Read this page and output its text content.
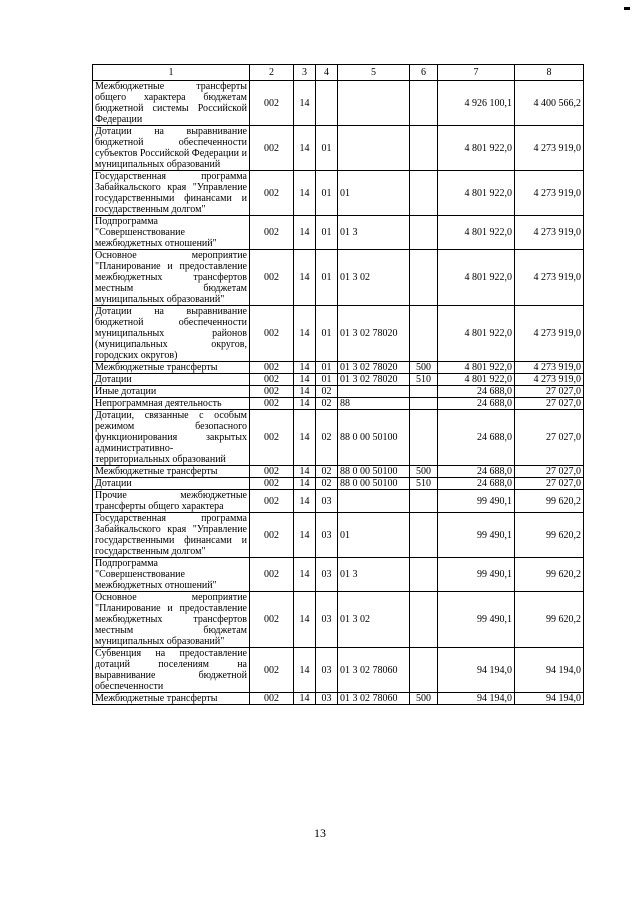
1	2	3	4	5	6	7	8
Межбюджетные трансферты общего характера бюджетам бюджетной системы Российской Федерации	002	14				4 926 100,1	4 400 566,2
Дотации на выравнивание бюджетной обеспеченности субъектов Российской Федерации и муниципальных образований	002	14	01			4 801 922,0	4 273 919,0
Государственная программа Забайкальского края "Управление государственными финансами и государственным долгом"	002	14	01	01		4 801 922,0	4 273 919,0
Подпрограмма "Совершенствование межбюджетных отношений"	002	14	01	01 3		4 801 922,0	4 273 919,0
Основное мероприятие "Планирование и предоставление межбюджетных трансфертов местным бюджетам муниципальных образований"	002	14	01	01 3 02		4 801 922,0	4 273 919,0
Дотации на выравнивание бюджетной обеспеченности муниципальных районов (муниципальных округов, городских округов)	002	14	01	01 3 02 78020		4 801 922,0	4 273 919,0
Межбюджетные трансферты	002	14	01	01 3 02 78020	500	4 801 922,0	4 273 919,0
Дотации	002	14	01	01 3 02 78020	510	4 801 922,0	4 273 919,0
Иные дотации	002	14	02			24 688,0	27 027,0
Непрограммная деятельность	002	14	02	88		24 688,0	27 027,0
Дотации, связанные с особым режимом безопасного функционирования закрытых административно-территориальных образований	002	14	02	88 0 00 50100		24 688,0	27 027,0
Межбюджетные трансферты	002	14	02	88 0 00 50100	500	24 688,0	27 027,0
Дотации	002	14	02	88 0 00 50100	510	24 688,0	27 027,0
Прочие межбюджетные трансферты общего характера	002	14	03			99 490,1	99 620,2
Государственная программа Забайкальского края "Управление государственными финансами и государственным долгом"	002	14	03	01		99 490,1	99 620,2
Подпрограмма "Совершенствование межбюджетных отношений"	002	14	03	01 3		99 490,1	99 620,2
Основное мероприятие "Планирование и предоставление межбюджетных трансфертов местным бюджетам муниципальных образований"	002	14	03	01 3 02		99 490,1	99 620,2
Субвенция на предоставление дотаций поселениям на выравнивание бюджетной обеспеченности	002	14	03	01 3 02 78060		94 194,0	94 194,0
Межбюджетные трансферты	002	14	03	01 3 02 78060	500	94 194,0	94 194,0
13
